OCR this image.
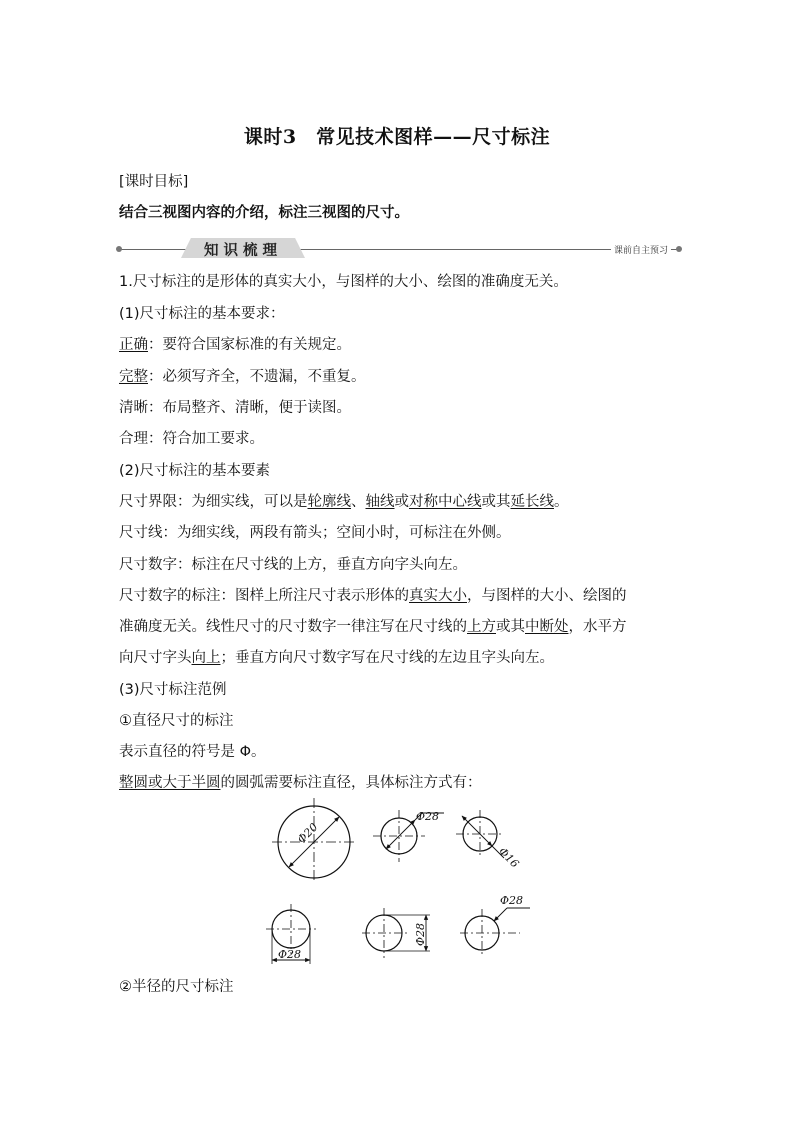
课时3　常见技术图样——尺寸标注
[课时目标]
结合三视图内容的介绍，标注三视图的尺寸。
知识梳理	课前自主预习
1.尺寸标注的是形体的真实大小，与图样的大小、绘图的准确度无关。
(1)尺寸标注的基本要求：
正确：要符合国家标准的有关规定。
完整：必须写齐全，不遗漏，不重复。
清晰：布局整齐、清晰，便于读图。
合理：符合加工要求。
(2)尺寸标注的基本要素
尺寸界限：为细实线，可以是轮廓线、轴线或对称中心线或其延长线。
尺寸线：为细实线，两段有箭头；空间小时，可标注在外侧。
尺寸数字：标注在尺寸线的上方，垂直方向字头向左。
尺寸数字的标注：图样上所注尺寸表示形体的真实大小，与图样的大小、绘图的
准确度无关。线性尺寸的尺寸数字一律注写在尺寸线的上方或其中断处，水平方
向尺寸字头向上；垂直方向尺寸数字写在尺寸线的左边且字头向左。
(3)尺寸标注范例
①直径尺寸的标注
表示直径的符号是 Φ。
整圆或大于半圆的圆弧需要标注直径，具体标注方式有：
Φ20
Φ28
Φ16
Φ28
Φ28
Φ28
②半径的尺寸标注
